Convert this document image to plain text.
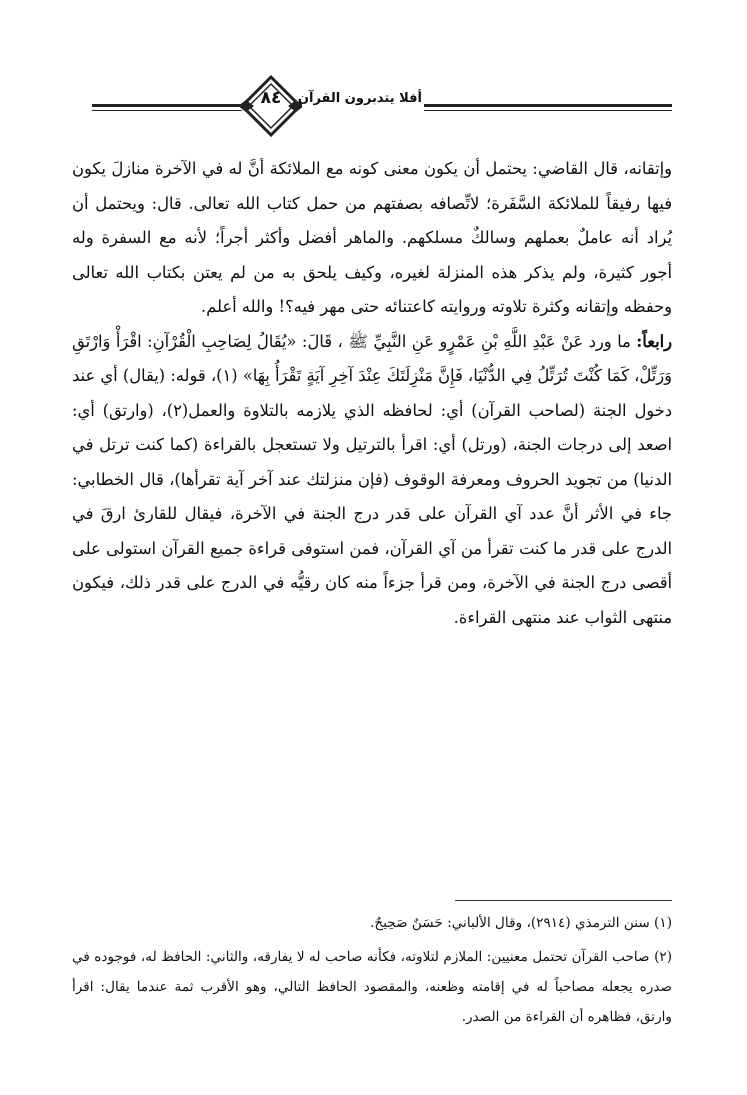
٨٤	أفلا يتدبرون القرآن

وإتقانه، قال القاضي: يحتمل أن يكون معنى كونه مع الملائكة أنَّ له في الآخرة منازلَ يكون فيها رفيقاً للملائكة السَّفَرة؛ لاتِّصافه بصفتهم من حمل كتاب الله تعالى. قال: ويحتمل أن يُراد أنه عاملٌ بعملهم وسالكٌ مسلكهم. والماهر أفضل وأكثر أجراً؛ لأنه مع السفرة وله أجور كثيرة، ولم يذكر هذه المنزلة لغيره، وكيف يلحق به من لم يعتن بكتاب الله تعالى وحفظه وإتقانه وكثرة تلاوته وروايته كاعتنائه حتى مهر فيه؟! والله أعلم.

رابعاً: ما ورد عَنْ عَبْدِ اللَّهِ بْنِ عَمْرٍو عَنِ النَّبِيِّ ﷺ ، قَالَ: «يُقَالُ لِصَاحِبِ الْقُرْآنِ: اقْرَأْ وَارْتَقِ وَرَتِّلْ، كَمَا كُنْتَ تُرَتِّلُ فِي الدُّنْيَا، فَإِنَّ مَنْزِلَتَكَ عِنْدَ آخِرِ آيَةٍ تَقْرَأُ بِهَا» (١)، قوله: (يقال) أي عند دخول الجنة (لصاحب القرآن) أي: لحافظه الذي يلازمه بالتلاوة والعمل(٢)، (وارتق) أي: اصعد إلى درجات الجنة، (ورتل) أي: اقرأ بالترتيل ولا تستعجل بالقراءة (كما كنت ترتل في الدنيا) من تجويد الحروف ومعرفة الوقوف (فإن منزلتك عند آخر آية تقرأها)، قال الخطابي: جاء في الأثر أنَّ عدد آي القرآن على قدر درج الجنة في الآخرة، فيقال للقارئ ارقَ في الدرج على قدر ما كنت تقرأ من آي القرآن، فمن استوفى قراءة جميع القرآن استولى على أقصى درج الجنة في الآخرة، ومن قرأ جزءاً منه كان رقيُّه في الدرج على قدر ذلك، فيكون منتهى الثواب عند منتهى القراءة.

(١) سنن الترمذي (٢٩١٤)، وقال الألباني: حَسَنٌ صَحِيحٌ.

(٢) صاحب القرآن تحتمل معنيين: الملازم لتلاوته، فكأنه صاحب له لا يفارقه، والثاني: الحافظ له، فوجوده في صدره يجعله مصاحباً له في إقامته وظعنه، والمقصود الحافظ التالي، وهو الأقرب ثمة عندما يقال: اقرأ وارتق، فظاهره أن القراءة من الصدر.
